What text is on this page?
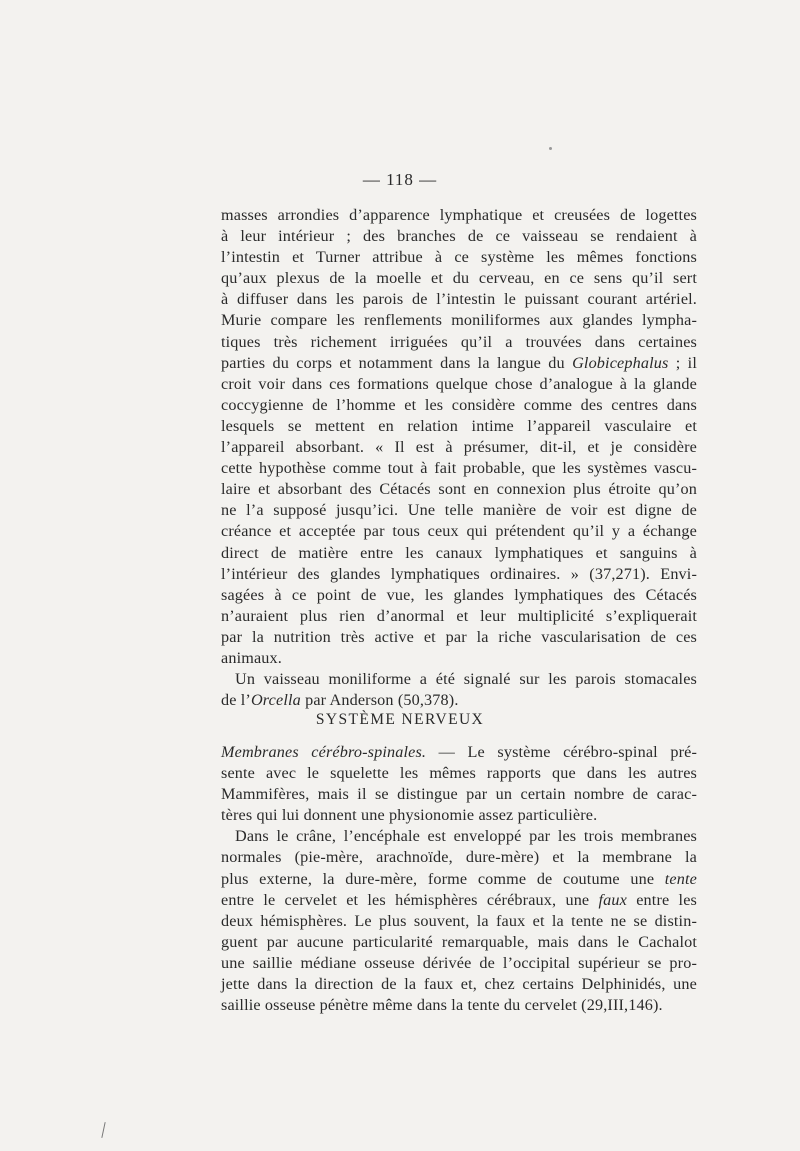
— 118 —
masses arrondies d’apparence lymphatique et creusées de logettes
à leur intérieur ; des branches de ce vaisseau se rendaient à
l’intestin et Turner attribue à ce système les mêmes fonctions
qu’aux plexus de la moelle et du cerveau, en ce sens qu’il sert
à diffuser dans les parois de l’intestin le puissant courant artériel.
Murie compare les renflements moniliformes aux glandes lympha-
tiques très richement irriguées qu’il a trouvées dans certaines
parties du corps et notamment dans la langue du Globicephalus ; il
croit voir dans ces formations quelque chose d’analogue à la glande
coccygienne de l’homme et les considère comme des centres dans
lesquels se mettent en relation intime l’appareil vasculaire et
l’appareil absorbant. « Il est à présumer, dit-il, et je considère
cette hypothèse comme tout à fait probable, que les systèmes vascu-
laire et absorbant des Cétacés sont en connexion plus étroite qu’on
ne l’a supposé jusqu’ici. Une telle manière de voir est digne de
créance et acceptée par tous ceux qui prétendent qu’il y a échange
direct de matière entre les canaux lymphatiques et sanguins à
l’intérieur des glandes lymphatiques ordinaires. » (37,271). Envi-
sagées à ce point de vue, les glandes lymphatiques des Cétacés
n’auraient plus rien d’anormal et leur multiplicité s’expliquerait
par la nutrition très active et par la riche vascularisation de ces
animaux.
Un vaisseau moniliforme a été signalé sur les parois stomacales
de l’Orcella par Anderson (50,378).
SYSTÈME NERVEUX
Membranes cérébro-spinales. — Le système cérébro-spinal pré-
sente avec le squelette les mêmes rapports que dans les autres
Mammifères, mais il se distingue par un certain nombre de carac-
tères qui lui donnent une physionomie assez particulière.
Dans le crâne, l’encéphale est enveloppé par les trois membranes
normales (pie-mère, arachnoïde, dure-mère) et la membrane la
plus externe, la dure-mère, forme comme de coutume une tente
entre le cervelet et les hémisphères cérébraux, une faux entre les
deux hémisphères. Le plus souvent, la faux et la tente ne se distin-
guent par aucune particularité remarquable, mais dans le Cachalot
une saillie médiane osseuse dérivée de l’occipital supérieur se pro-
jette dans la direction de la faux et, chez certains Delphinidés, une
saillie osseuse pénètre même dans la tente du cervelet (29,III,146).
